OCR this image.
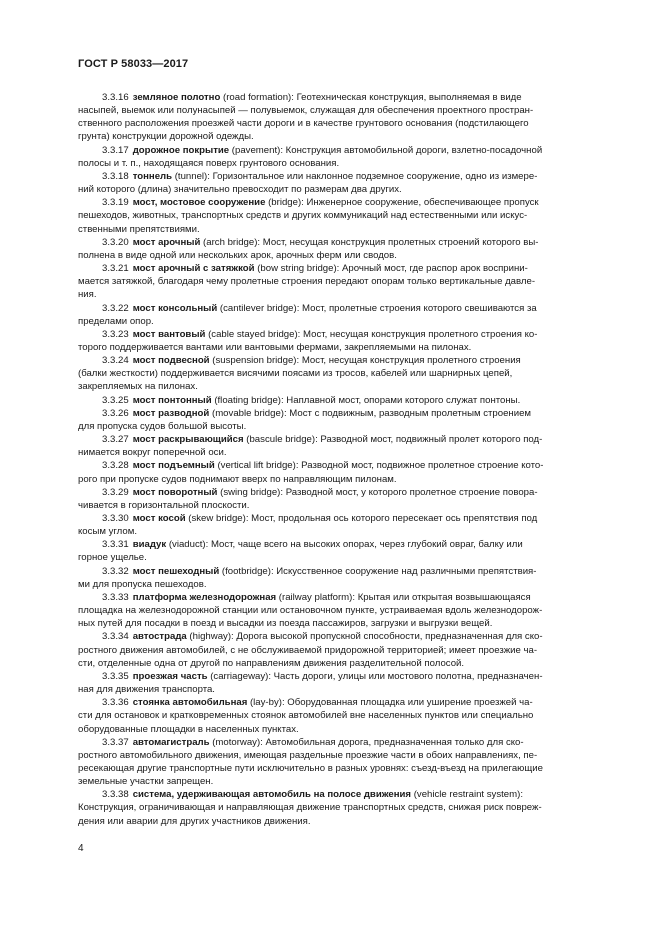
ГОСТ Р 58033—2017
3.3.16 земляное полотно (road formation): Геотехническая конструкция, выполняемая в виде
насыпей, выемок или полунасыпей — полувыемок, служащая для обеспечения проектного простран-
ственного расположения проезжей части дороги и в качестве грунтового основания (подстилающего
грунта) конструкции дорожной одежды.
3.3.17 дорожное покрытие (pavement): Конструкция автомобильной дороги, взлетно-посадочной
полосы и т. п., находящаяся поверх грунтового основания.
3.3.18 тоннель (tunnel): Горизонтальное или наклонное подземное сооружение, одно из измере-
ний которого (длина) значительно превосходит по размерам два других.
3.3.19 мост, мостовое сооружение (bridge): Инженерное сооружение, обеспечивающее пропуск
пешеходов, животных, транспортных средств и других коммуникаций над естественными или искус-
ственными препятствиями.
3.3.20 мост арочный (arch bridge): Мост, несущая конструкция пролетных строений которого вы-
полнена в виде одной или нескольких арок, арочных ферм или сводов.
3.3.21 мост арочный с затяжкой (bow string bridge): Арочный мост, где распор арок восприни-
мается затяжкой, благодаря чему пролетные строения передают опорам только вертикальные давле-
ния.
3.3.22 мост консольный (cantilever bridge): Мост, пролетные строения которого свешиваются за
пределами опор.
3.3.23 мост вантовый (cable stayed bridge): Мост, несущая конструкция пролетного строения ко-
торого поддерживается вантами или вантовыми фермами, закрепляемыми на пилонах.
3.3.24 мост подвесной (suspension bridge): Мост, несущая конструкция пролетного строения
(балки жесткости) поддерживается висячими поясами из тросов, кабелей или шарнирных цепей,
закрепляемых на пилонах.
3.3.25 мост понтонный (floating bridge): Наплавной мост, опорами которого служат понтоны.
3.3.26 мост разводной (movable bridge): Мост с подвижным, разводным пролетным строением
для пропуска судов большой высоты.
3.3.27 мост раскрывающийся (bascule bridge): Разводной мост, подвижный пролет которого под-
нимается вокруг поперечной оси.
3.3.28 мост подъемный (vertical lift bridge): Разводной мост, подвижное пролетное строение кото-
рого при пропуске судов поднимают вверх по направляющим пилонам.
3.3.29 мост поворотный (swing bridge): Разводной мост, у которого пролетное строение повора-
чивается в горизонтальной плоскости.
3.3.30 мост косой (skew bridge): Мост, продольная ось которого пересекает ось препятствия под
косым углом.
3.3.31 виадук (viaduct): Мост, чаще всего на высоких опорах, через глубокий овраг, балку или
горное ущелье.
3.3.32 мост пешеходный (footbridge): Искусственное сооружение над различными препятствия-
ми для пропуска пешеходов.
3.3.33 платформа железнодорожная (railway platform): Крытая или открытая возвышающаяся
площадка на железнодорожной станции или остановочном пункте, устраиваемая вдоль железнодорож-
ных путей для посадки в поезд и высадки из поезда пассажиров, загрузки и выгрузки вещей.
3.3.34 автострада (highway): Дорога высокой пропускной способности, предназначенная для ско-
ростного движения автомобилей, с не обслуживаемой придорожной территорией; имеет проезжие ча-
сти, отделенные одна от другой по направлениям движения разделительной полосой.
3.3.35 проезжая часть (carriageway): Часть дороги, улицы или мостового полотна, предназначен-
ная для движения транспорта.
3.3.36 стоянка автомобильная (lay-by): Оборудованная площадка или уширение проезжей ча-
сти для остановок и кратковременных стоянок автомобилей вне населенных пунктов или специально
оборудованные площадки в населенных пунктах.
3.3.37 автомагистраль (motorway): Автомобильная дорога, предназначенная только для ско-
ростного автомобильного движения, имеющая раздельные проезжие части в обоих направлениях, пе-
ресекающая другие транспортные пути исключительно в разных уровнях: съезд-въезд на прилегающие
земельные участки запрещен.
3.3.38 система, удерживающая автомобиль на полосе движения (vehicle restraint system):
Конструкция, ограничивающая и направляющая движение транспортных средств, снижая риск повреж-
дения или аварии для других участников движения.
4
